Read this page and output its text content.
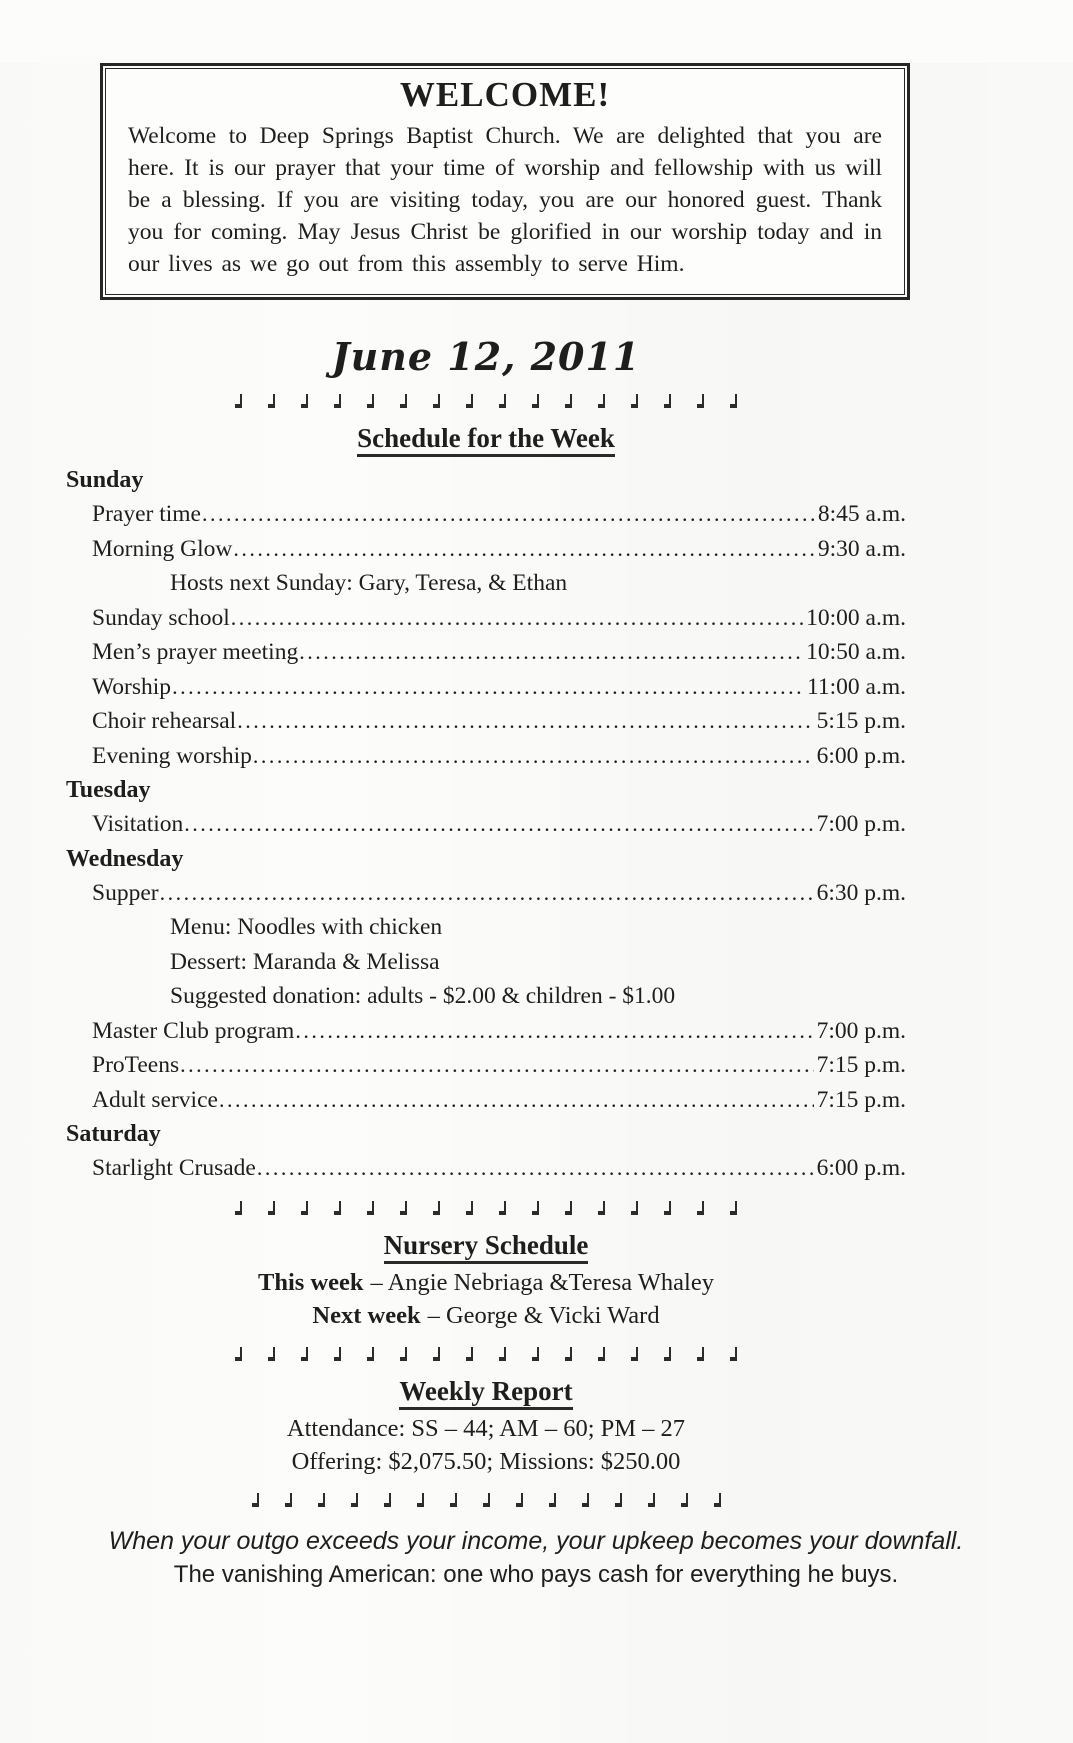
WELCOME!

Welcome to Deep Springs Baptist Church. We are delighted that you are here. It is our prayer that your time of worship and fellowship with us will be a blessing. If you are visiting today, you are our honored guest. Thank you for coming. May Jesus Christ be glorified in our worship today and in our lives as we go out from this assembly to serve Him.

June 12, 2011
Schedule for the Week
Sunday
Prayer time .....	8:45 a.m.
Morning Glow .....	9:30 a.m.
Hosts next Sunday: Gary, Teresa, & Ethan
Sunday school .....	10:00 a.m.
Men’s prayer meeting .....	10:50 a.m.
Worship .....	11:00 a.m.
Choir rehearsal .....	5:15 p.m.
Evening worship .....	6:00 p.m.
Tuesday
Visitation .....	7:00 p.m.
Wednesday
Supper .....	6:30 p.m.
Menu: Noodles with chicken
Dessert: Maranda & Melissa
Suggested donation: adults - $2.00 & children - $1.00
Master Club program .....	7:00 p.m.
ProTeens .....	7:15 p.m.
Adult service .....	7:15 p.m.
Saturday
Starlight Crusade .....	6:00 p.m.
Nursery Schedule
This week – Angie Nebriaga &Teresa Whaley
Next week – George & Vicki Ward
Weekly Report
Attendance: SS – 44; AM – 60; PM – 27
Offering: $2,075.50; Missions: $250.00
When your outgo exceeds your income, your upkeep becomes your downfall.
The vanishing American: one who pays cash for everything he buys.
